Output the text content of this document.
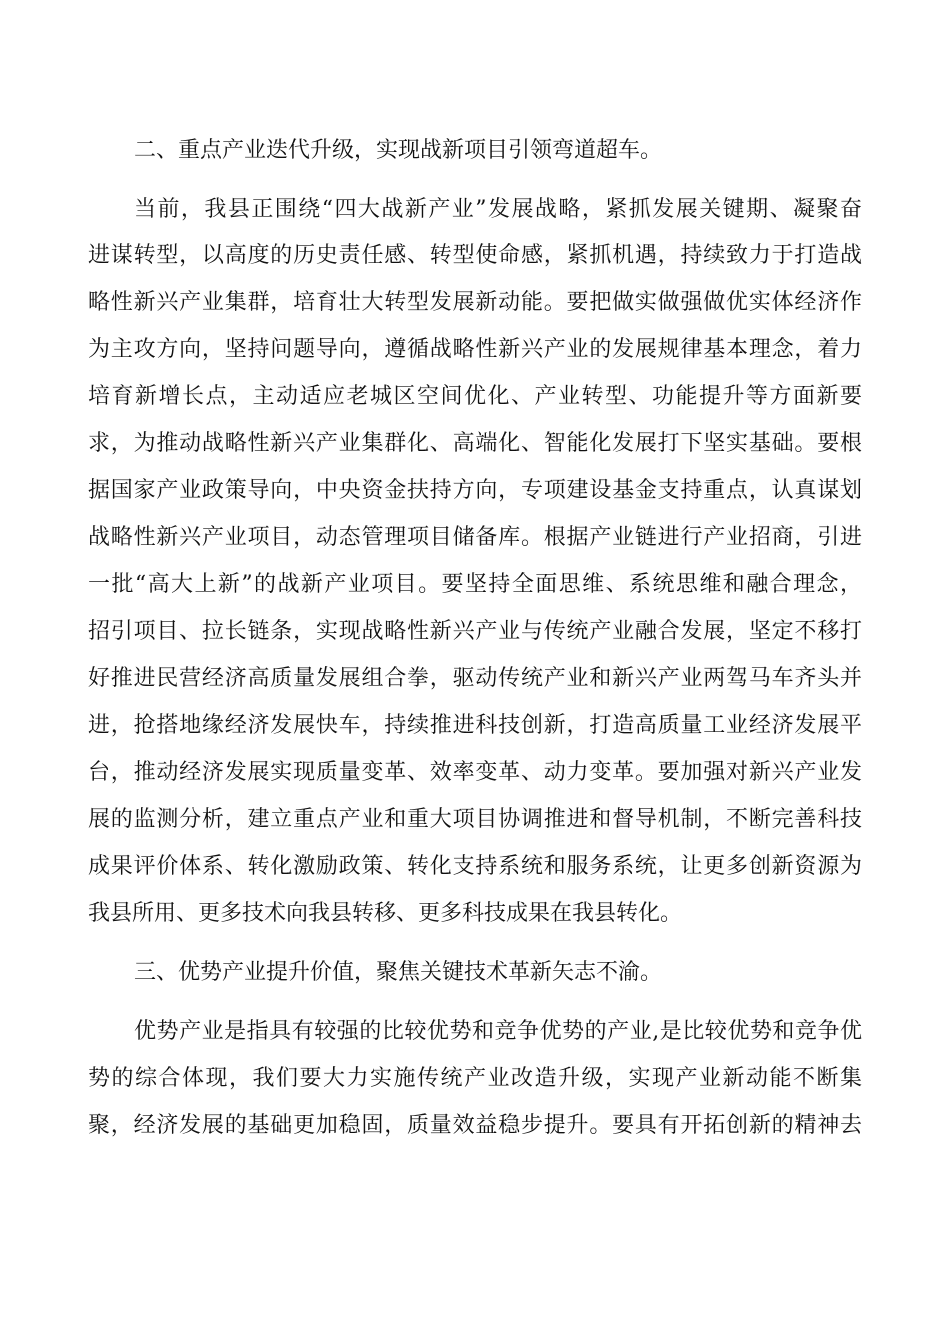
二、重点产业迭代升级，实现战新项目引领弯道超车。
当前，我县正围绕“四大战新产业”发展战略，紧抓发展关键期、凝聚奋
进谋转型，以高度的历史责任感、转型使命感，紧抓机遇，持续致力于打造战
略性新兴产业集群，培育壮大转型发展新动能。要把做实做强做优实体经济作
为主攻方向，坚持问题导向，遵循战略性新兴产业的发展规律基本理念，着力
培育新增长点，主动适应老城区空间优化、产业转型、功能提升等方面新要
求，为推动战略性新兴产业集群化、高端化、智能化发展打下坚实基础。要根
据国家产业政策导向，中央资金扶持方向，专项建设基金支持重点，认真谋划
战略性新兴产业项目，动态管理项目储备库。根据产业链进行产业招商，引进
一批“高大上新”的战新产业项目。要坚持全面思维、系统思维和融合理念，
招引项目、拉长链条，实现战略性新兴产业与传统产业融合发展，坚定不移打
好推进民营经济高质量发展组合拳，驱动传统产业和新兴产业两驾马车齐头并
进，抢搭地缘经济发展快车，持续推进科技创新，打造高质量工业经济发展平
台，推动经济发展实现质量变革、效率变革、动力变革。要加强对新兴产业发
展的监测分析，建立重点产业和重大项目协调推进和督导机制，不断完善科技
成果评价体系、转化激励政策、转化支持系统和服务系统，让更多创新资源为
我县所用、更多技术向我县转移、更多科技成果在我县转化。
三、优势产业提升价值，聚焦关键技术革新矢志不渝。
优势产业是指具有较强的比较优势和竞争优势的产业,是比较优势和竞争优
势的综合体现，我们要大力实施传统产业改造升级，实现产业新动能不断集
聚，经济发展的基础更加稳固，质量效益稳步提升。要具有开拓创新的精神去
